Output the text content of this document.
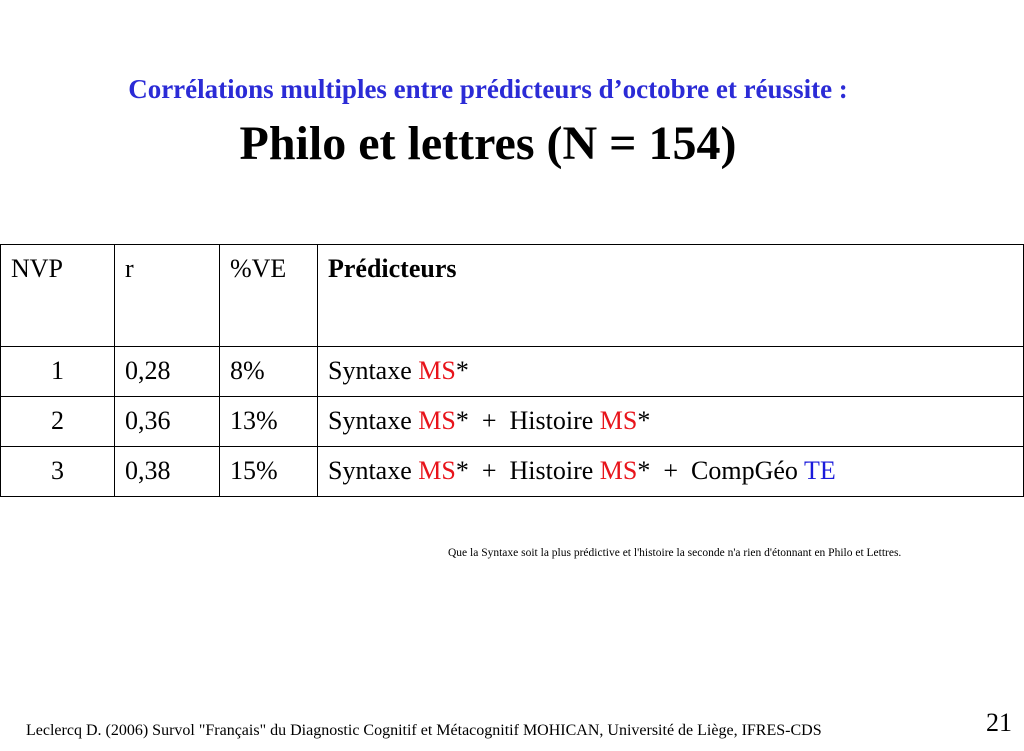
Corrélations multiples entre prédicteurs d’octobre et réussite :
Philo et lettres (N = 154)
NVP	r	%VE	Prédicteurs
1	0,28	8%	Syntaxe MS*
2	0,36	13%	Syntaxe MS*  +  Histoire MS*
3	0,38	15%	Syntaxe MS*  +  Histoire MS*  +  CompGéo TE
Que la Syntaxe soit la plus prédictive et l'histoire la seconde n'a rien d'étonnant en Philo et Lettres.
Leclercq D. (2006) Survol "Français" du Diagnostic Cognitif et Métacognitif MOHICAN, Université de Liège, IFRES-CDS	21
